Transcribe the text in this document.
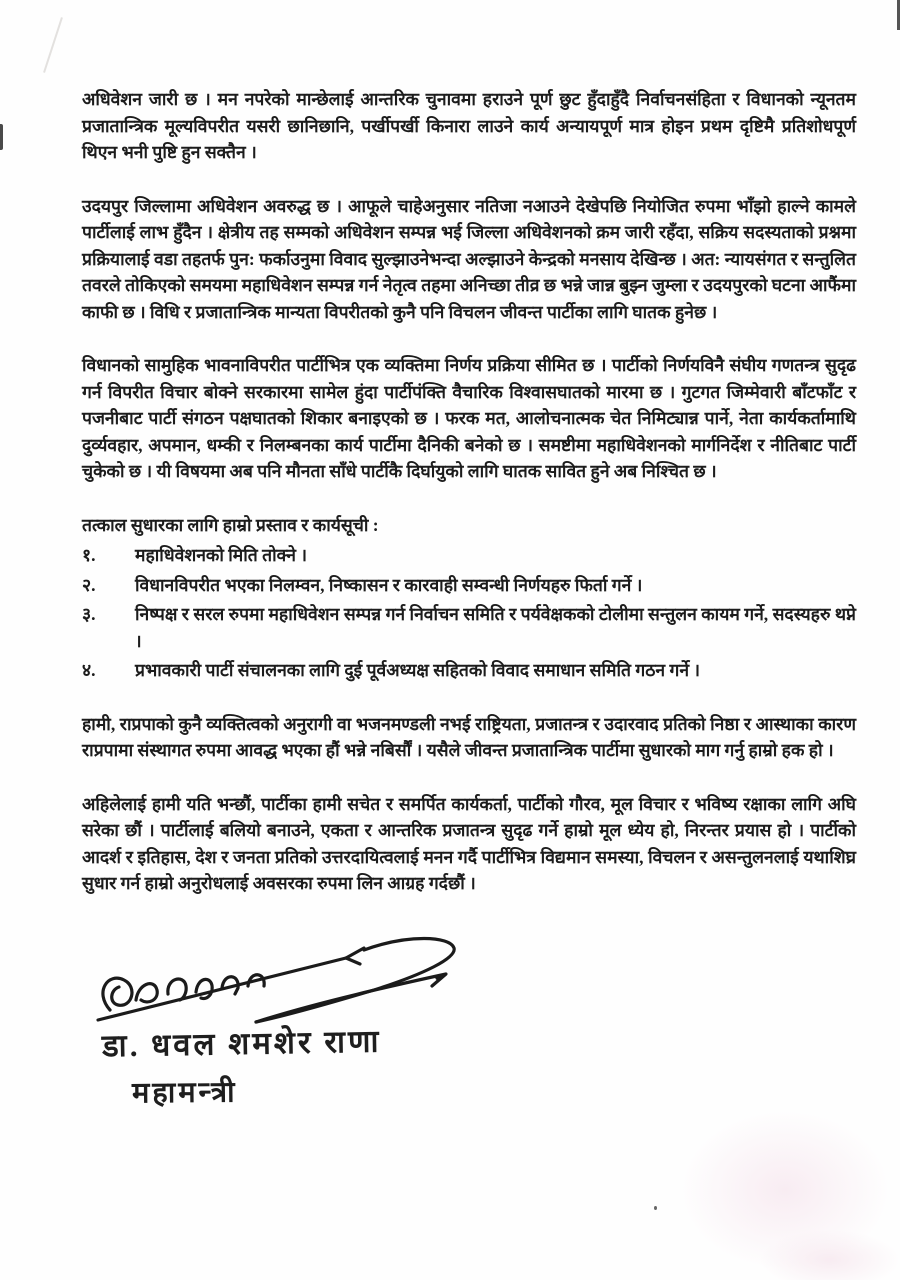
अधिवेशन जारी छ । मन नपरेको मान्छेलाई आन्तरिक चुनावमा हराउने पूर्ण छुट हुँदाहुँदै निर्वाचनसंहिता र विधानको न्यूनतम प्रजातान्त्रिक मूल्यविपरीत यसरी छानिछानि, पर्खीपर्खी किनारा लाउने कार्य अन्यायपूर्ण मात्र होइन प्रथम दृष्टिमै प्रतिशोधपूर्ण थिएन भनी पुष्टि हुन सक्तैन ।

उदयपुर जिल्लामा अधिवेशन अवरुद्ध छ । आफूले चाहेअनुसार नतिजा नआउने देखेपछि नियोजित रुपमा भाँझो हाल्ने कामले पार्टीलाई लाभ हुँदैन । क्षेत्रीय तह सम्मको अधिवेशन सम्पन्न भई जिल्ला अधिवेशनको क्रम जारी रहँदा, सक्रिय सदस्यताको प्रश्नमा प्रक्रियालाई वडा तहतर्फ पुन: फर्काउनुमा विवाद सुल्झाउनेभन्दा अल्झाउने केन्द्रको मनसाय देखिन्छ । अत: न्यायसंगत र सन्तुलित तवरले तोकिएको समयमा महाधिवेशन सम्पन्न गर्न नेतृत्व तहमा अनिच्छा तीव्र छ भन्ने जान्न बुझ्न जुम्ला र उदयपुरको घटना आफैंमा काफी छ । विधि र प्रजातान्त्रिक मान्यता विपरीतको कुनै पनि विचलन जीवन्त पार्टीका लागि घातक हुनेछ ।

विधानको सामुहिक भावनाविपरीत पार्टीभित्र एक व्यक्तिमा निर्णय प्रक्रिया सीमित छ । पार्टीको निर्णयविनै संघीय गणतन्त्र सुदृढ गर्न विपरीत विचार बोक्ने सरकारमा सामेल हुंदा पार्टीपंक्ति वैचारिक विश्वासघातको मारमा छ । गुटगत जिम्मेवारी बाँटफाँट र पजनीबाट पार्टी संगठन पक्षघातको शिकार बनाइएको छ । फरक मत, आलोचनात्मक चेत निमिट्यान्न पार्ने, नेता कार्यकर्तामाथि दुर्व्यवहार, अपमान, धम्की र निलम्बनका कार्य पार्टीमा दैनिकी बनेको छ । समष्टीमा महाधिवेशनको मार्गनिर्देश र नीतिबाट पार्टी चुकेको छ । यी विषयमा अब पनि मौनता साँधे पार्टीकै दिर्घायुको लागि घातक सावित हुने अब निश्चित छ ।

तत्काल सुधारका लागि हाम्रो प्रस्ताव र कार्यसूची :

१.	महाधिवेशनको मिति तोक्ने ।
२.	विधानविपरीत भएका निलम्वन, निष्कासन र कारवाही सम्वन्धी निर्णयहरु फिर्ता गर्ने ।
३.	निष्पक्ष र सरल रुपमा महाधिवेशन सम्पन्न गर्न निर्वाचन समिति र पर्यवेक्षकको टोलीमा सन्तुलन कायम गर्ने, सदस्यहरु थप्ने ।
४.	प्रभावकारी पार्टी संचालनका लागि दुई पूर्वअध्यक्ष सहितको विवाद समाधान समिति गठन गर्ने ।

हामी, राप्रपाको कुनै व्यक्तित्वको अनुरागी वा भजनमण्डली नभई राष्ट्रियता, प्रजातन्त्र र उदारवाद प्रतिको निष्ठा र आस्थाका कारण राप्रपामा संस्थागत रुपमा आवद्ध भएका हौं भन्ने नबिर्सौं । यसैले जीवन्त प्रजातान्त्रिक पार्टीमा सुधारको माग गर्नु हाम्रो हक हो ।

अहिलेलाई हामी यति भन्छौं, पार्टीका हामी सचेत र समर्पित कार्यकर्ता, पार्टीको गौरव, मूल विचार र भविष्य रक्षाका लागि अघि सरेका छौं । पार्टीलाई बलियो बनाउने, एकता र आन्तरिक प्रजातन्त्र सुदृढ गर्ने हाम्रो मूल ध्येय हो, निरन्तर प्रयास हो । पार्टीको आदर्श र इतिहास, देश र जनता प्रतिको उत्तरदायित्वलाई मनन गर्दै पार्टीभित्र विद्यमान समस्या, विचलन र असन्तुलनलाई यथाशिघ्र सुधार गर्न हाम्रो अनुरोधलाई अवसरका रुपमा लिन आग्रह गर्दछौं ।

.
डा. धवल शमशेर राणा
महामन्त्री
